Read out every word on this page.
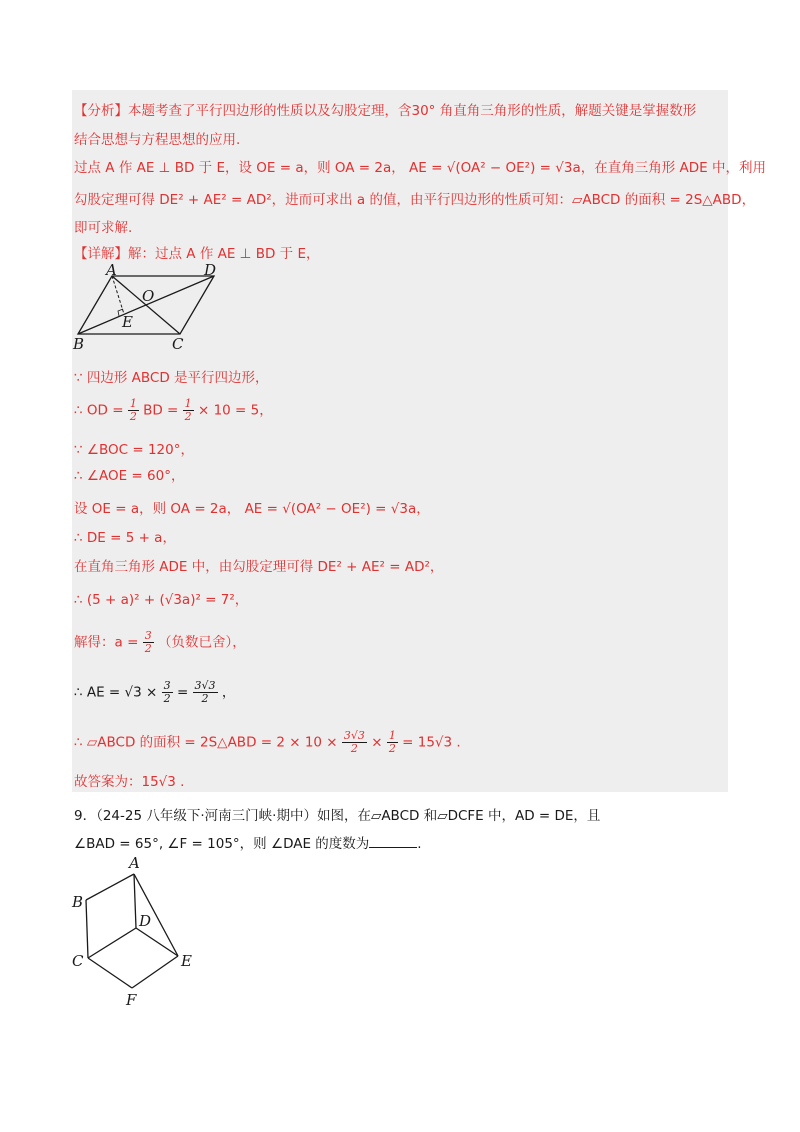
【分析】本题考查了平行四边形的性质以及勾股定理，含30° 角直角三角形的性质，解题关键是掌握数形
结合思想与方程思想的应用.
过点 A 作 AE ⊥ BD 于 E，设 OE = a，则 OA = 2a， AE = √(OA² − OE²) = √3a，在直角三角形 ADE 中，利用
勾股定理可得 DE² + AE² = AD²，进而可求出 a 的值，由平行四边形的性质可知：▱ABCD 的面积 = 2S△ABD，
即可求解.
【详解】解：过点 A 作 AE ⊥ BD 于 E，
A	D
O
E
B	C
∵ 四边形 ABCD 是平行四边形，
∴ OD = $\frac{1}{2}$ BD = $\frac{1}{2} \times 10 = 5$，
∵ ∠BOC = 120°，
∴ ∠AOE = 60°，
设 OE = a，则 OA = 2a， AE = √(OA² − OE²) = √3a，
∴ DE = 5 + a，
在直角三角形 ADE 中，由勾股定理可得 DE² + AE² = AD²，
∴ (5 + a)² + (√3a)² = 7²，
解得：$a = \frac{3}{2}$ （负数已舍），
∴ AE = $√3 \times \frac{3}{2} = \frac{3√3}{2}$ ，
∴ ▱ABCD 的面积 = 2S△ABD = $2 \times 10 \times \frac{3√3}{2} \times \frac{1}{2} = 15√3$ .
故答案为：15√3 .
9．（24-25 八年级下·河南三门峡·期中）如图，在▱ABCD 和▱DCFE 中，AD = DE，且
∠BAD = 65°, ∠F = 105°，则 ∠DAE 的度数为	.
A
B
D
C	E
F
